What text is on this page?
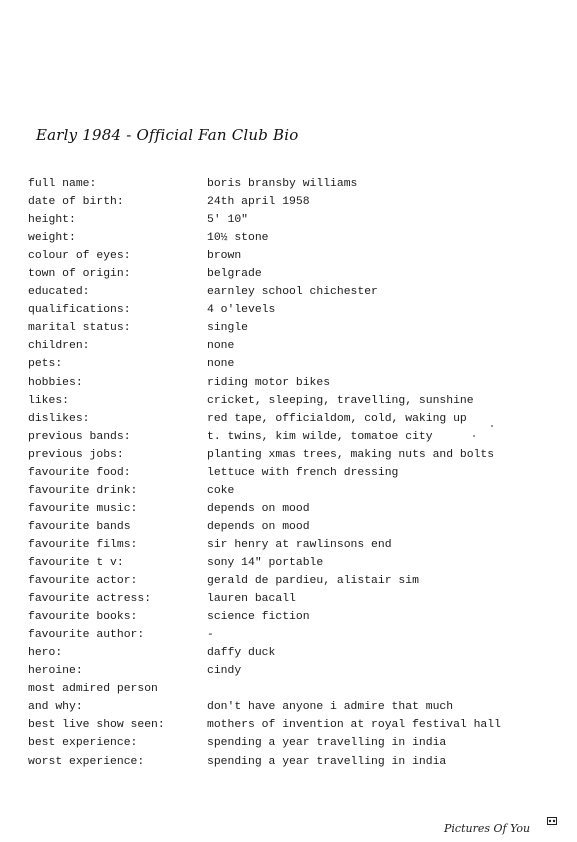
Early 1984 - Official Fan Club Bio
full name:	boris bransby williams
date of birth:	24th april 1958
height:	5' 10"
weight:	10½ stone
colour of eyes:	brown
town of origin:	belgrade
educated:	earnley school chichester
qualifications:	4 o'levels
marital status:	single
children:	none
pets:	none
hobbies:	riding motor bikes
likes:	cricket, sleeping, travelling, sunshine
dislikes:	red tape, officialdom, cold, waking up
previous bands:	t. twins, kim wilde, tomatoe city
previous jobs:	planting xmas trees, making nuts and bolts
favourite food:	lettuce with french dressing
favourite drink:	coke
favourite music:	depends on mood
favourite bands	depends on mood
favourite films:	sir henry at rawlinsons end
favourite t v:	sony 14" portable
favourite actor:	gerald de pardieu, alistair sim
favourite actress:	lauren bacall
favourite books:	science fiction
favourite author:	-
hero:	daffy duck
heroine:	cindy
most admired person
and why:	don't have anyone i admire that much
best live show seen:	mothers of invention at royal festival hall
best experience:	spending a year travelling in india
worst experience:	spending a year travelling in india
Pictures Of You
